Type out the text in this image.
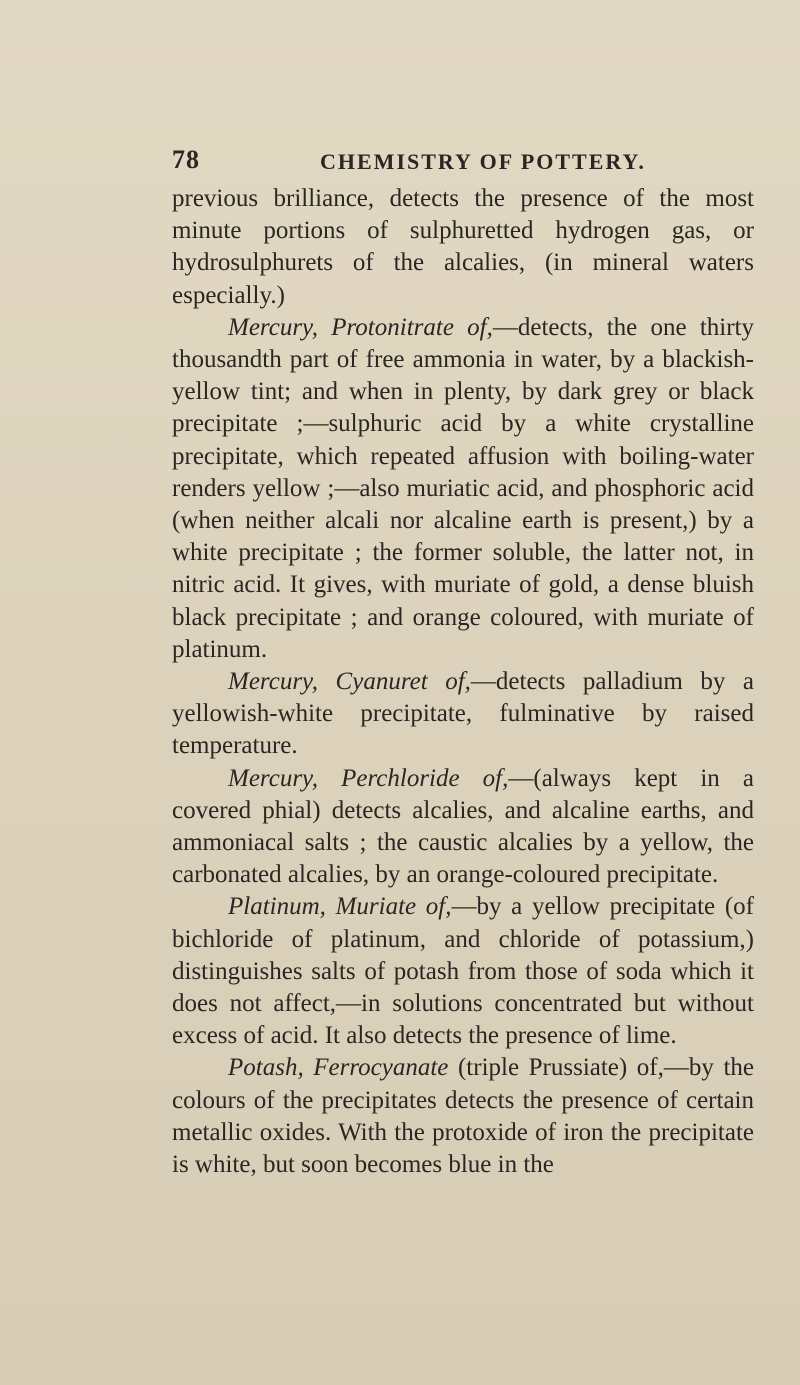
78	CHEMISTRY OF POTTERY.

previous brilliance, detects the presence of the most minute portions of sulphuretted hydrogen gas, or hydrosulphurets of the alcalies, (in mineral waters especially.)

Mercury, Protonitrate of,—detects, the one thirty thousandth part of free ammonia in water, by a blackish-yellow tint; and when in plenty, by dark grey or black precipitate ;—sulphuric acid by a white crystalline precipitate, which repeated affusion with boiling-water renders yellow ;—also muriatic acid, and phosphoric acid (when neither alcali nor alcaline earth is present,) by a white precipitate ; the former soluble, the latter not, in nitric acid. It gives, with muriate of gold, a dense bluish black precipitate ; and orange coloured, with muriate of platinum.

Mercury, Cyanuret of,—detects palladium by a yellowish-white precipitate, fulminative by raised temperature.

Mercury, Perchloride of,—(always kept in a covered phial) detects alcalies, and alcaline earths, and ammoniacal salts ; the caustic alcalies by a yellow, the carbonated alcalies, by an orange-coloured precipitate.

Platinum, Muriate of,—by a yellow precipitate (of bichloride of platinum, and chloride of potassium,) distinguishes salts of potash from those of soda which it does not affect,—in solutions concentrated but without excess of acid. It also detects the presence of lime.

Potash, Ferrocyanate (triple Prussiate) of,—by the colours of the precipitates detects the presence of certain metallic oxides. With the protoxide of iron the precipitate is white, but soon becomes blue in the
